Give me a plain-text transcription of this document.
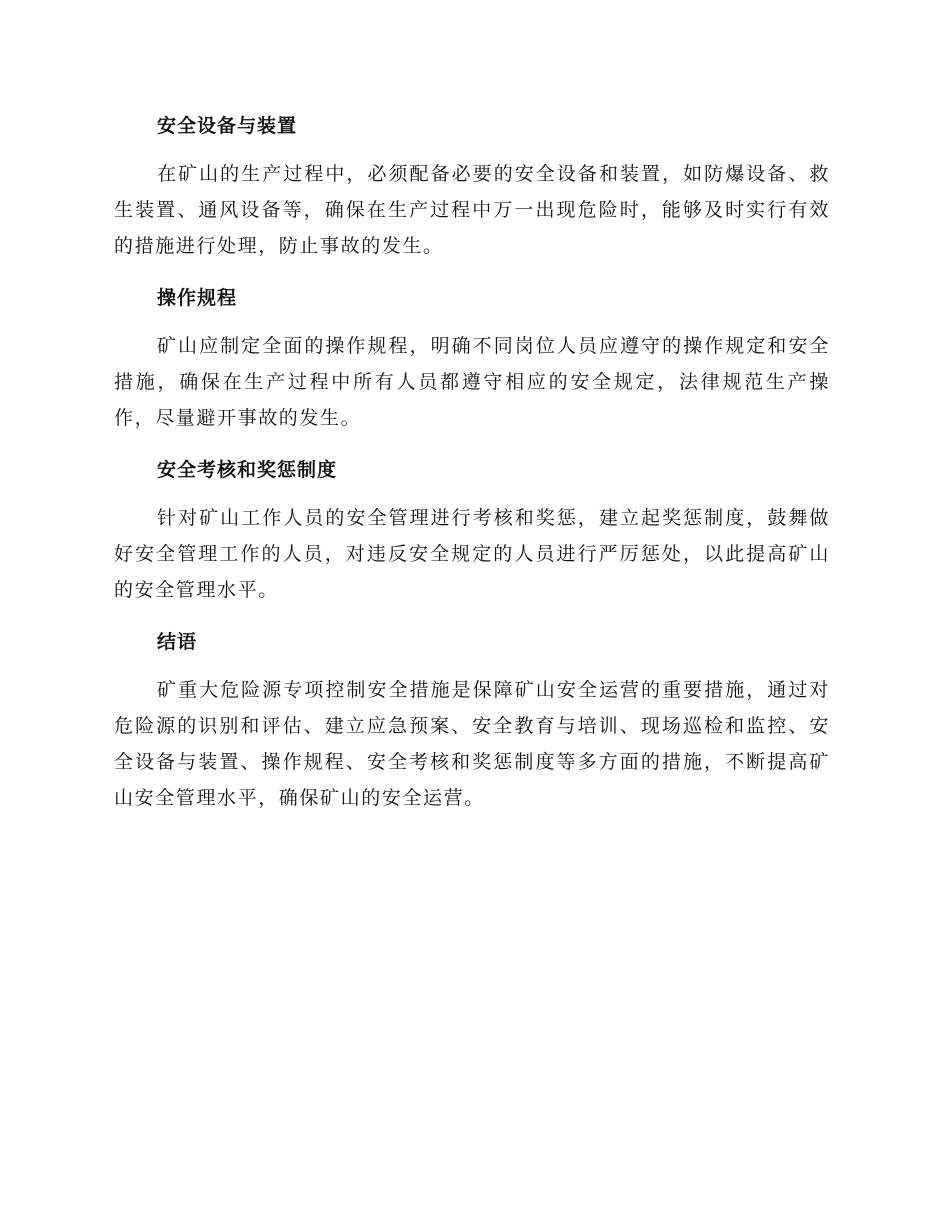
安全设备与装置

在矿山的生产过程中，必须配备必要的安全设备和装置，如防爆设备、救生装置、通风设备等，确保在生产过程中万一出现危险时，能够及时实行有效的措施进行处理，防止事故的发生。

操作规程

矿山应制定全面的操作规程，明确不同岗位人员应遵守的操作规定和安全措施，确保在生产过程中所有人员都遵守相应的安全规定，法律规范生产操作，尽量避开事故的发生。

安全考核和奖惩制度

针对矿山工作人员的安全管理进行考核和奖惩，建立起奖惩制度，鼓舞做好安全管理工作的人员，对违反安全规定的人员进行严厉惩处，以此提高矿山的安全管理水平。

结语

矿重大危险源专项控制安全措施是保障矿山安全运营的重要措施，通过对危险源的识别和评估、建立应急预案、安全教育与培训、现场巡检和监控、安全设备与装置、操作规程、安全考核和奖惩制度等多方面的措施，不断提高矿山安全管理水平，确保矿山的安全运营。
